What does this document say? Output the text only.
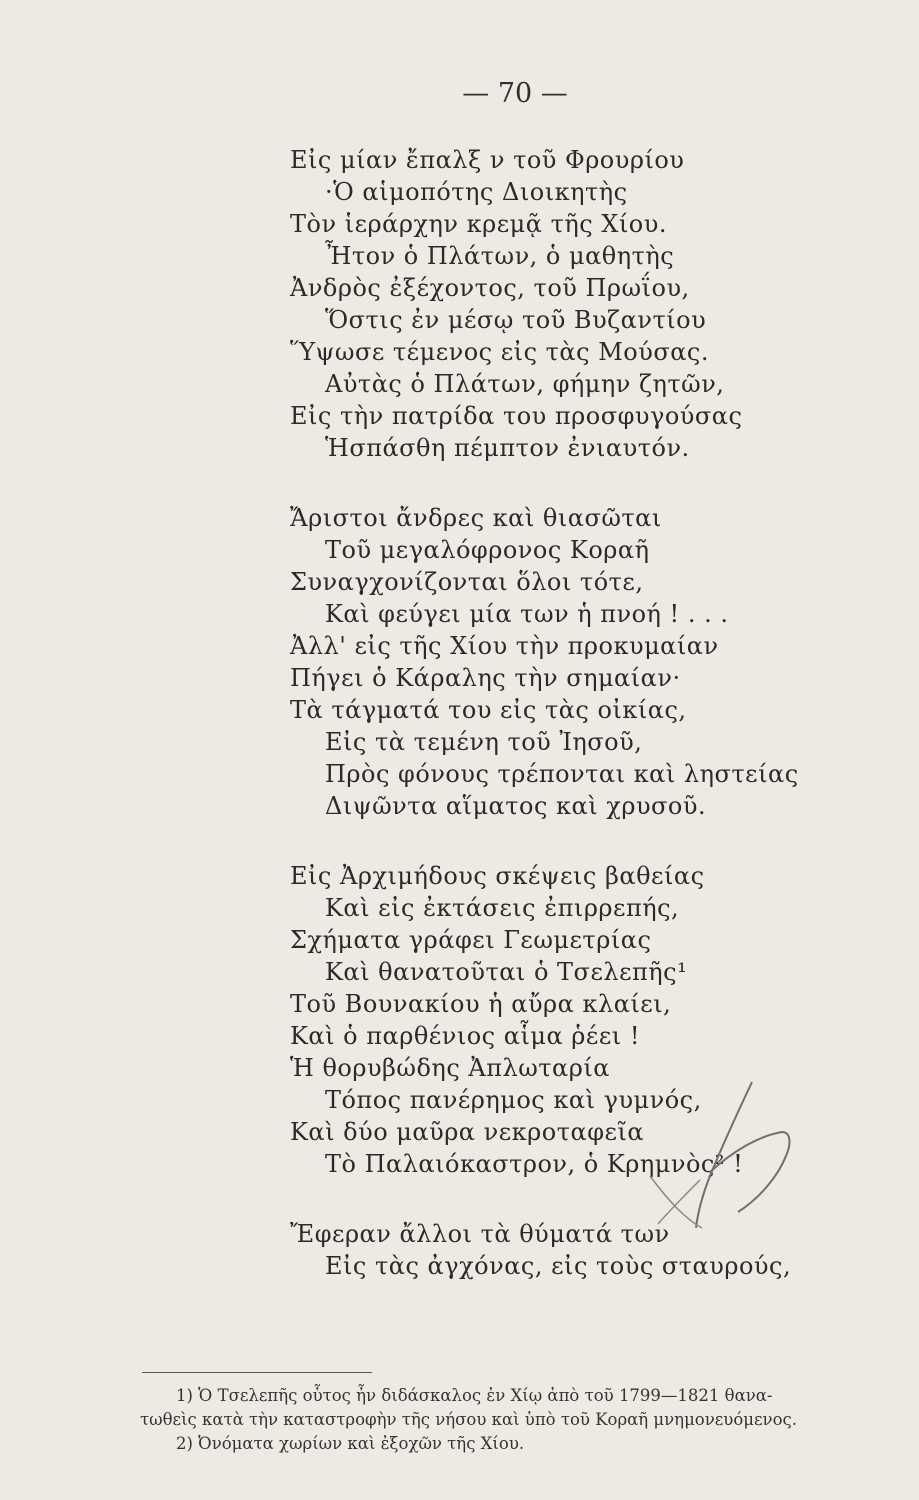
— 70 —
Εἰς μίαν ἔπαλξ ν τοῦ Φρουρίου
·Ὁ αἱμοπότης Διοικητὴς
Τὸν ἱεράρχην κρεμᾷ τῆς Χίου.
Ἦτον ὁ Πλάτων, ὁ μαθητὴς
Ἀνδρὸς ἐξέχοντος, τοῦ Πρωΐου,
Ὅστις ἐν μέσῳ τοῦ Βυζαντίου
Ὕψωσε τέμενος εἰς τὰς Μούσας.
Αὐτὰς ὁ Πλάτων, φήμην ζητῶν,
Εἰς τὴν πατρίδα του προσφυγούσας
Ἡσπάσθη πέμπτον ἐνιαυτόν.
Ἄριστοι ἄνδρες καὶ θιασῶται
Τοῦ μεγαλόφρονος Κοραῆ
Συναγχονίζονται ὅλοι τότε,
Καὶ φεύγει μία των ἡ πνοή ! . . .
Ἀλλ' εἰς τῆς Χίου τὴν προκυμαίαν
Πήγει ὁ Κάραλης τὴν σημαίαν·
Τὰ τάγματά του εἰς τὰς οἰκίας,
Εἰς τὰ τεμένη τοῦ Ἰησοῦ,
Πρὸς φόνους τρέπονται καὶ ληστείας
Διψῶντα αἵματος καὶ χρυσοῦ.
Εἰς Ἀρχιμήδους σκέψεις βαθείας
Καὶ εἰς ἐκτάσεις ἐπιρρεπής,
Σχήματα γράφει Γεωμετρίας
Καὶ θανατοῦται ὁ Τσελεπῆς¹
Τοῦ Βουνακίου ἡ αὔρα κλαίει,
Καὶ ὁ παρθένιος αἷμα ῥέει !
Ἡ θορυβώδης Ἀπλωταρία
Τόπος πανέρημος καὶ γυμνός,
Καὶ δύο μαῦρα νεκροταφεῖα
Τὸ Παλαιόκαστρον, ὁ Κρημνὸς² !
Ἔφεραν ἄλλοι τὰ θύματά των
Εἰς τὰς ἀγχόνας, εἰς τοὺς σταυρούς,
1) Ὁ Τσελεπῆς οὗτος ἦν διδάσκαλος ἐν Χίῳ ἀπὸ τοῦ 1799—1821 θανα-
τωθεὶς κατὰ τὴν καταστροφὴν τῆς νήσου καὶ ὑπὸ τοῦ Κοραῆ μνημονευόμενος.
2) Ὀνόματα χωρίων καὶ ἐξοχῶν τῆς Χίου.
